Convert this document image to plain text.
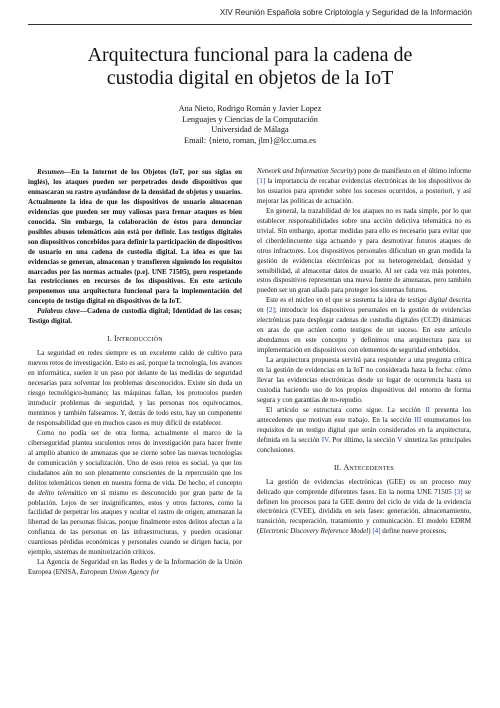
XIV Reunión Española sobre Criptología y Seguridad de la Información
Arquitectura funcional para la cadena de
custodia digital en objetos de la IoT
Ana Nieto, Rodrigo Román y Javier Lopez
Lenguajes y Ciencias de la Computación
Universidad de Málaga
Email: {nieto, roman, jlm}@lcc.uma.es

Resumen—En la Internet de los Objetos (IoT, por sus siglas en inglés), los ataques pueden ser perpetrados desde dispositivos que enmascaran su rastro ayudándose de la densidad de objetos y usuarios. Actualmente la idea de que los dispositivos de usuario almacenan evidencias que pueden ser muy valiosas para frenar ataques es bien conocida. Sin embargo, la colaboración de éstos para denunciar posibles abusos telemáticos aún está por definir. Los testigos digitales son dispositivos concebidos para definir la participación de dispositivos de usuario en una cadena de custodia digital. La idea es que las evidencias se generan, almacenan y transfieren siguiendo los requisitos marcados por las normas actuales (p.ej. UNE 71505), pero respetando las restricciones en recursos de los dispositivos. En este artículo proponemos una arquitectura funcional para la implementación del concepto de testigo digital en dispositivos de la IoT.

Palabras clave—Cadena de custodia digital; Identidad de las cosas; Testigo digital.

I. Introducción

La seguridad en redes siempre es un excelente caldo de cultivo para nuevos retos de investigación. Esto es así, porque la tecnología, los avances en informática, suelen ir un paso por delante de las medidas de seguridad necesarias para solventar los problemas desconocidos. Existe sin duda un riesgo tecnológico-humano; las máquinas fallan, los protocolos pueden introducir problemas de seguridad, y las personas nos equivocamos, mentimos y también falseamos. Y, detrás de todo esto, hay un componente de responsabilidad que en muchos casos es muy difícil de establecer.

Como no podía ser de otra forma, actualmente el marco de la ciberseguridad plantea suculentos retos de investigación para hacer frente al amplio abanico de amenazas que se cierne sobre las nuevas tecnologías de comunicación y socialización. Uno de esos retos es social, ya que los ciudadanos aún no son plenamente conscientes de la repercusión que los delitos telemáticos tienen en nuestra forma de vida. De hecho, el concepto de delito telemático en sí mismo es desconocido por gran parte de la población. Lejos de ser insignificantes, estos y otros factores, como la facilidad de perpetrar los ataques y ocultar el rastro de origen, amenazan la libertad de las personas físicas, porque finalmente estos delitos afectan a la confianza de las personas en las infraestructuras, y pueden ocasionar cuantiosas pérdidas económicas y personales cuando se dirigen hacia, por ejemplo, sistemas de monitorización críticos.

La Agencia de Seguridad en las Redes y de la Información de la Unión Europea (ENISA, European Union Agency for

Network and Information Security) pone de manifiesto en el último informe [1] la importancia de recabar evidencias electrónicas de los dispositivos de los usuarios para aprender sobre los sucesos ocurridos, a posteriori, y así mejorar las políticas de actuación.

En general, la trazabilidad de los ataques no es nada simple, por lo que establecer responsabilidades sobre una acción delictiva telemática no es trivial. Sin embargo, aportar medidas para ello es necesario para evitar que el ciberdelincuente siga actuando y para desmotivar futuros ataques de otros infractores. Los dispositivos personales dificultan en gran medida la gestión de evidencias electrónicas por su heterogeneidad, densidad y sensibilidad, al almacenar datos de usuario. Al ser cada vez más potentes, estos dispositivos representan una nueva fuente de amenazas, pero también pueden ser un gran aliado para proteger los sistemas futuros.

Este es el núcleo en el que se sustenta la idea de testigo digital descrita en [2]; introducir los dispositivos personales en la gestión de evidencias electrónicas para desplegar cadenas de custodia digitales (CCD) dinámicas en aras de que actúen como testigos de un suceso. En este artículo abondamos en este concepto y definimos una arquitectura para su implementación en dispositivos con elementos de seguridad embebidos.

La arquitectura propuesta servirá para responder a una pregunta crítica en la gestión de evidencias en la IoT no considerada hasta la fecha: cómo llevar las evidencias electrónicas desde su lugar de ocurrencia hasta su custodia haciendo uso de los propios dispositivos del entorno de forma segura y con garantías de no-repudio.

El artículo se estructura como sigue. La sección II presenta los antecedentes que motivan este trabajo. En la sección III enumeramos los requisitos de un testigo digital que serán considerados en la arquitectura, definida en la sección IV. Por último, la sección V sintetiza las principales conclusiones.

II. Antecedentes

La gestión de evidencias electrónicas (GEE) es un proceso muy delicado que comprende diferentes fases. En la norma UNE 71505 [3] se definen los procesos para la GEE dentro del ciclo de vida de la evidencia electrónica (CVEE), dividida en seis fases: generación, almacenamiento, transición, recuperación, tratamiento y comunicación. El modelo EDRM (Electronic Discovery Reference Model) [4] define nueve procesos,
